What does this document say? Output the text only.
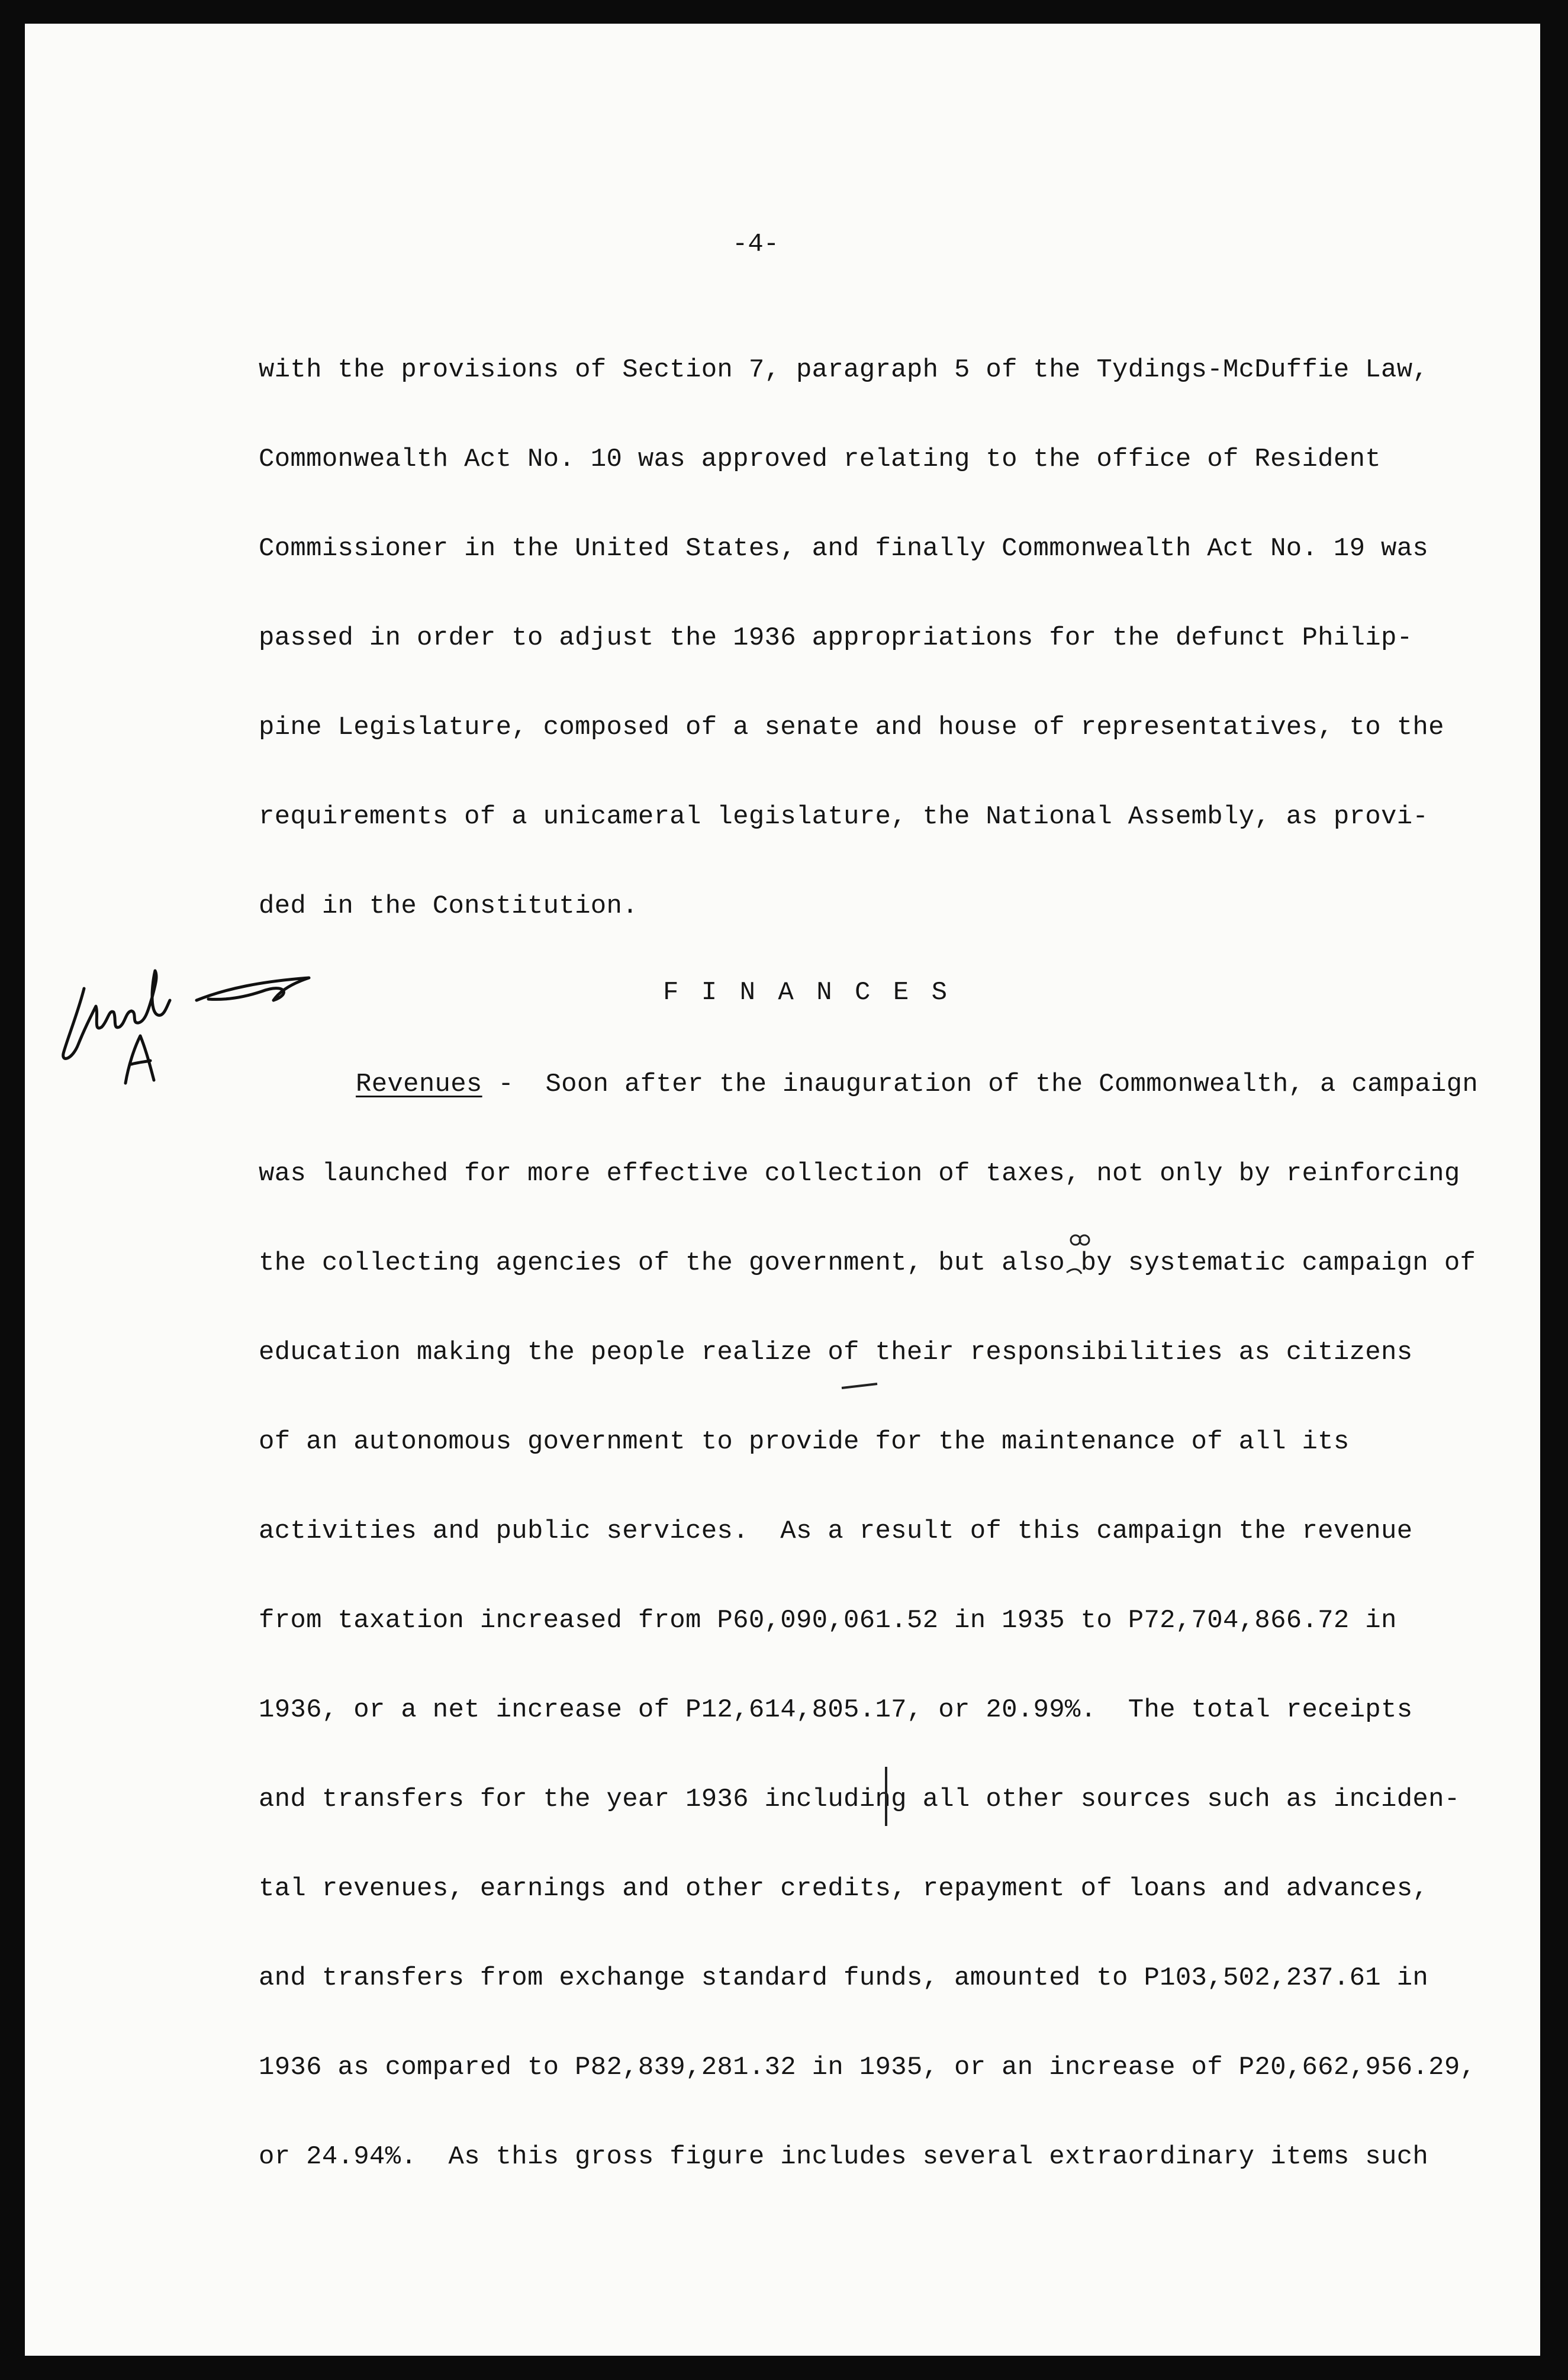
-4-
with the provisions of Section 7, paragraph 5 of the Tydings-McDuffie Law,
Commonwealth Act No. 10 was approved relating to the office of Resident
Commissioner in the United States, and finally Commonwealth Act No. 19 was
passed in order to adjust the 1936 appropriations for the defunct Philip-
pine Legislature, composed of a senate and house of representatives, to the
requirements of a unicameral legislature, the National Assembly, as provi-
ded in the Constitution.
F I N A N C E S
Revenues -  Soon after the inauguration of the Commonwealth, a campaign
was launched for more effective collection of taxes, not only by reinforcing
the collecting agencies of the government, but also by systematic campaign of
education making the people realize of their responsibilities as citizens
of an autonomous government to provide for the maintenance of all its
activities and public services.  As a result of this campaign the revenue
from taxation increased from P60,090,061.52 in 1935 to P72,704,866.72 in
1936, or a net increase of P12,614,805.17, or 20.99%.  The total receipts
and transfers for the year 1936 including all other sources such as inciden-
tal revenues, earnings and other credits, repayment of loans and advances,
and transfers from exchange standard funds, amounted to P103,502,237.61 in
1936 as compared to P82,839,281.32 in 1935, or an increase of P20,662,956.29,
or 24.94%.  As this gross figure includes several extraordinary items such
